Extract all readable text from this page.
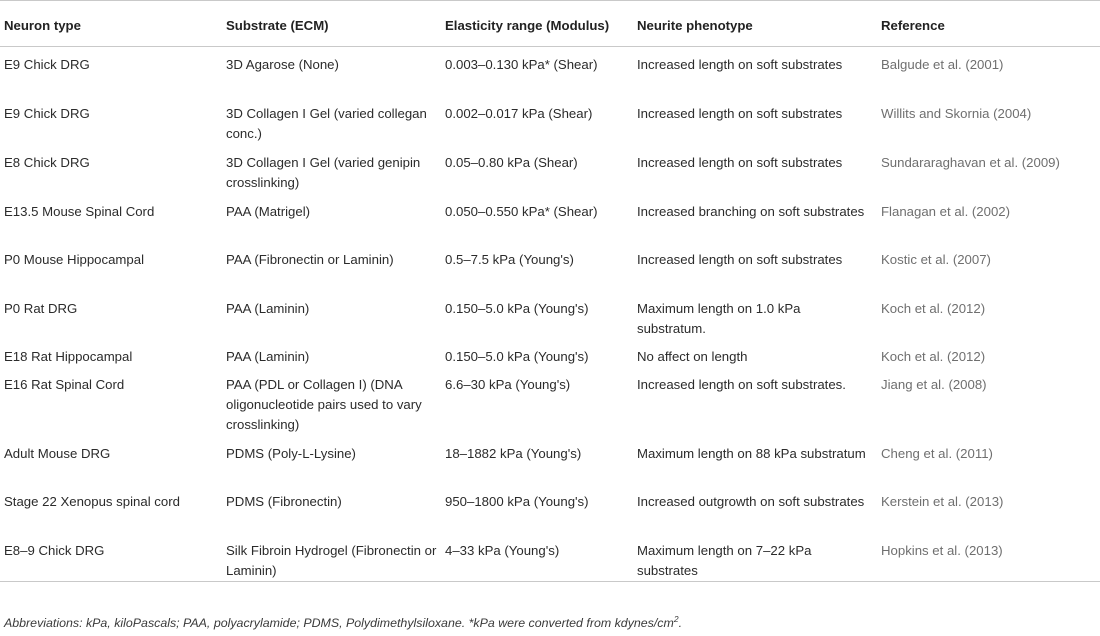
Neuron type	Substrate (ECM)	Elasticity range (Modulus)	Neurite phenotype	Reference
E9 Chick DRG	3D Agarose (None)	0.003–0.130 kPa* (Shear)	Increased length on soft substrates	Balgude et al. (2001)
E9 Chick DRG	3D Collagen I Gel (varied collegan conc.)	0.002–0.017 kPa (Shear)	Increased length on soft substrates	Willits and Skornia (2004)
E8 Chick DRG	3D Collagen I Gel (varied genipin crosslinking)	0.05–0.80 kPa (Shear)	Increased length on soft substrates	Sundararaghavan et al. (2009)
E13.5 Mouse Spinal Cord	PAA (Matrigel)	0.050–0.550 kPa* (Shear)	Increased branching on soft substrates	Flanagan et al. (2002)
P0 Mouse Hippocampal	PAA (Fibronectin or Laminin)	0.5–7.5 kPa (Young's)	Increased length on soft substrates	Kostic et al. (2007)
P0 Rat DRG	PAA (Laminin)	0.150–5.0 kPa (Young's)	Maximum length on 1.0 kPa substratum.	Koch et al. (2012)
E18 Rat Hippocampal	PAA (Laminin)	0.150–5.0 kPa (Young's)	No affect on length	Koch et al. (2012)
E16 Rat Spinal Cord	PAA (PDL or Collagen I) (DNA oligonucleotide pairs used to vary crosslinking)	6.6–30 kPa (Young's)	Increased length on soft substrates.	Jiang et al. (2008)
Adult Mouse DRG	PDMS (Poly-L-Lysine)	18–1882 kPa (Young's)	Maximum length on 88 kPa substratum	Cheng et al. (2011)
Stage 22 Xenopus spinal cord	PDMS (Fibronectin)	950–1800 kPa (Young's)	Increased outgrowth on soft substrates	Kerstein et al. (2013)
E8–9 Chick DRG	Silk Fibroin Hydrogel (Fibronectin or Laminin)	4–33 kPa (Young's)	Maximum length on 7–22 kPa substrates	Hopkins et al. (2013)
Abbreviations: kPa, kiloPascals; PAA, polyacrylamide; PDMS, Polydimethylsiloxane. *kPa were converted from kdynes/$cm^2$.
